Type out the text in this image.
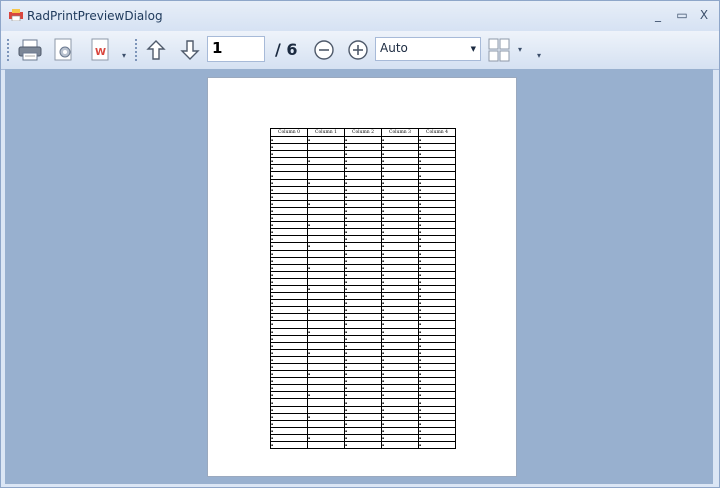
RadPrintPreviewDialog	_	▭	X
W ▾	1	/ 6	Auto	▼	▾
▾
Column 0	Column 1	Column 2	Column 3	Column 4
▪	▪	▪	▪	▪
▪		▪	▪	▪
▪		▪	▪	▪
▪	▪	▪	▪	▪
▪		▪	▪	▪
▪		▪	▪	▪
▪	▪	▪	▪	▪
▪		▪	▪	▪
▪		▪	▪	▪
▪	▪	▪	▪	▪
▪		▪	▪	▪
▪		▪	▪	▪
▪	▪	▪	▪	▪
▪		▪	▪	▪
▪		▪	▪	▪
▪	▪	▪	▪	▪
▪		▪	▪	▪
▪		▪	▪	▪
▪	▪	▪	▪	▪
▪		▪	▪	▪
▪		▪	▪	▪
▪	▪	▪	▪	▪
▪		▪	▪	▪
▪		▪	▪	▪
▪	▪	▪	▪	▪
▪		▪	▪	▪
▪		▪	▪	▪
▪	▪	▪	▪	▪
▪		▪	▪	▪
▪		▪	▪	▪
▪	▪	▪	▪	▪
▪		▪	▪	▪
▪		▪	▪	▪
▪	▪	▪	▪	▪
▪		▪	▪	▪
▪		▪	▪	▪
▪	▪	▪	▪	▪
▪		▪	▪	▪
▪		▪	▪	▪
▪	▪	▪	▪	▪
▪		▪	▪	▪
▪		▪	▪	▪
▪	▪	▪	▪	▪
▪		▪	▪	▪
